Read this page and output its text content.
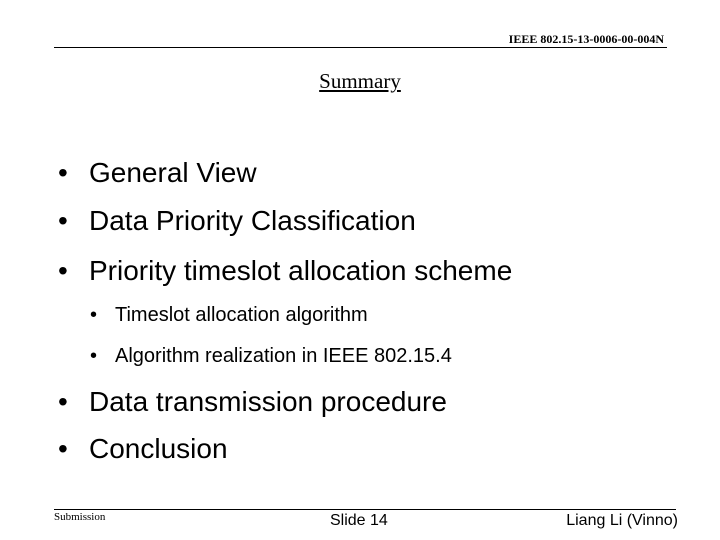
IEEE 802.15-13-0006-00-004N
Summary
• General View
• Data Priority Classification
• Priority timeslot allocation scheme
• Timeslot allocation algorithm
• Algorithm realization in IEEE 802.15.4
• Data transmission procedure
• Conclusion
Submission	Slide 14	Liang Li (Vinno)
